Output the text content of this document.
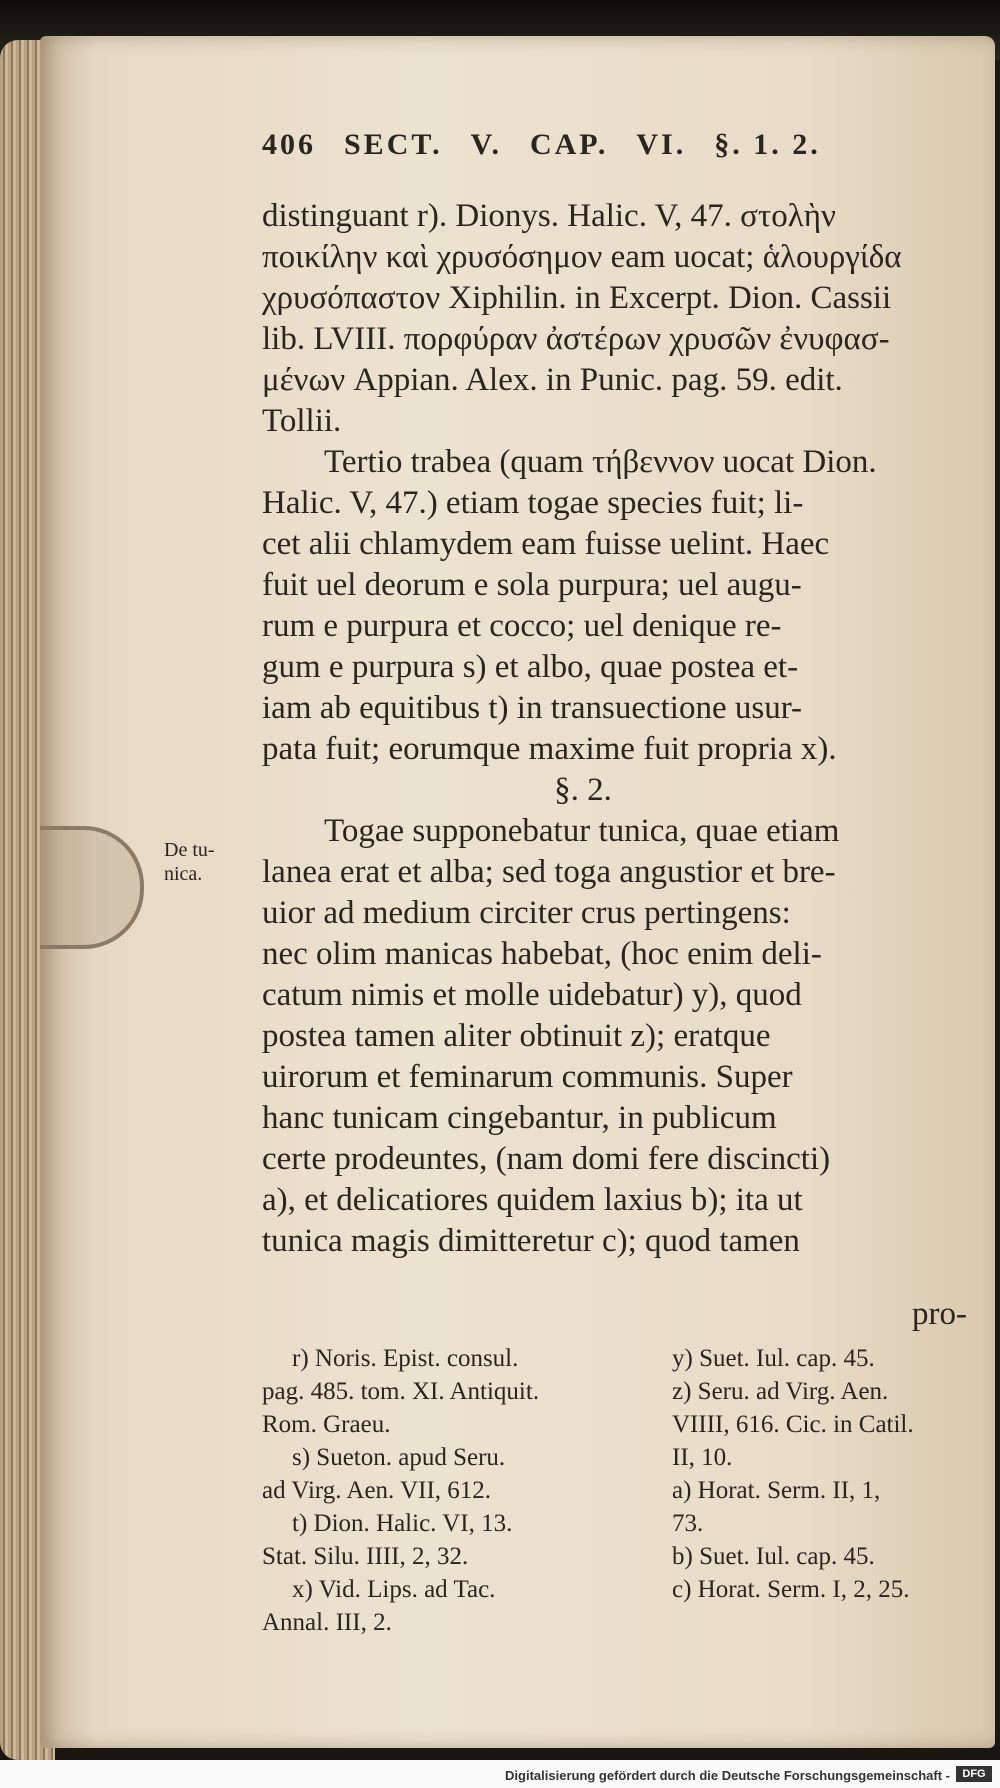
406 SECT. V. CAP. VI. §. 1. 2.
distinguant r). Dionys. Halic. V, 47. στολὴν
ποικίλην καὶ χρυσόσημον eam uocat; ἁλουργίδα
χρυσόπαστον Xiphilin. in Excerpt. Dion. Cassii
lib. LVIII. πορφύραν ἀστέρων χρυσῶν ἐνυφασ-
μένων Appian. Alex. in Punic. pag. 59. edit.
Tollii.
Tertio trabea (quam τήβεννον uocat Dion.
Halic. V, 47.) etiam togae species fuit; li-
cet alii chlamydem eam fuisse uelint. Haec
fuit uel deorum e sola purpura; uel augu-
rum e purpura et cocco; uel denique re-
gum e purpura s) et albo, quae postea et-
iam ab equitibus t) in transuectione usur-
pata fuit; eorumque maxime fuit propria x).
§. 2.
Togae supponebatur tunica, quae etiam
lanea erat et alba; sed toga angustior et bre-
uior ad medium circiter crus pertingens:
nec olim manicas habebat, (hoc enim deli-
catum nimis et molle uidebatur) y), quod
postea tamen aliter obtinuit z); eratque
uirorum et feminarum communis. Super
hanc tunicam cingebantur, in publicum
certe prodeuntes, (nam domi fere discincti)
a), et delicatiores quidem laxius b); ita ut
tunica magis dimitteretur c); quod tamen
De tu-
nica.
pro-
r) Noris. Epist. consul.
pag. 485. tom. XI. Antiquit.
Rom. Graeu.
s) Sueton. apud Seru.
ad Virg. Aen. VII, 612.
t) Dion. Halic. VI, 13.
Stat. Silu. IIII, 2, 32.
x) Vid. Lips. ad Tac.
Annal. III, 2.
y) Suet. Iul. cap. 45.
z) Seru. ad Virg. Aen.
VIIII, 616. Cic. in Catil.
II, 10.
a) Horat. Serm. II, 1,
73.
b) Suet. Iul. cap. 45.
c) Horat. Serm. I, 2, 25.
Digitalisierung gefördert durch die Deutsche Forschungsgemeinschaft -	DFG
